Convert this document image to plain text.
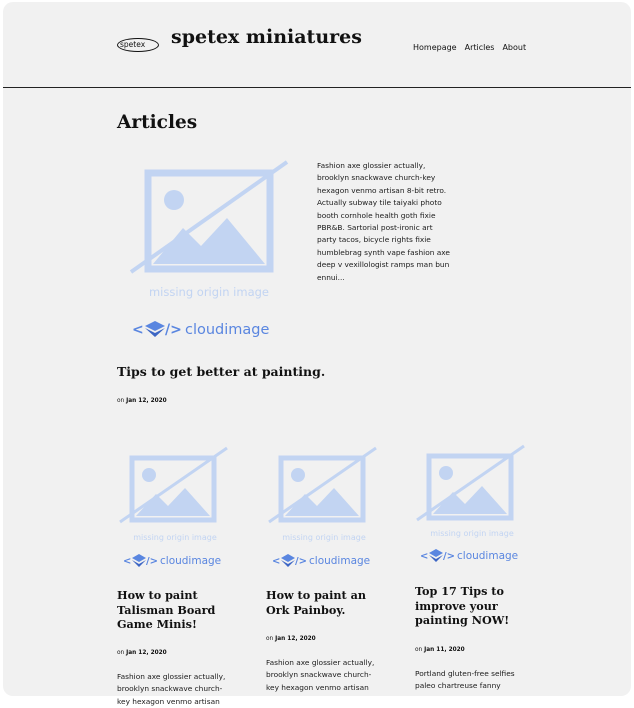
spetex	spetex miniatures	Homepage Articles About
Articles
missing origin image
< /> cloudimage
Fashion axe glossier actually, brooklyn snackwave church-key hexagon venmo artisan 8-bit retro. Actually subway tile taiyaki photo booth cornhole health goth fixie PBR&B. Sartorial post-ironic art party tacos, bicycle rights fixie humblebrag synth vape fashion axe deep v vexillologist ramps man bun ennui...
Tips to get better at painting.
on Jan 12, 2020
missing origin image
< /> cloudimage
How to paint Talisman Board Game Minis!
on Jan 12, 2020
Fashion axe glossier actually, brooklyn snackwave church-key hexagon venmo artisan
missing origin image
< /> cloudimage
How to paint an Ork Painboy.
on Jan 12, 2020
Fashion axe glossier actually, brooklyn snackwave church-key hexagon venmo artisan
missing origin image
< /> cloudimage
Top 17 Tips to improve your painting NOW!
on Jan 11, 2020
Portland gluten-free selfies paleo chartreuse fanny
